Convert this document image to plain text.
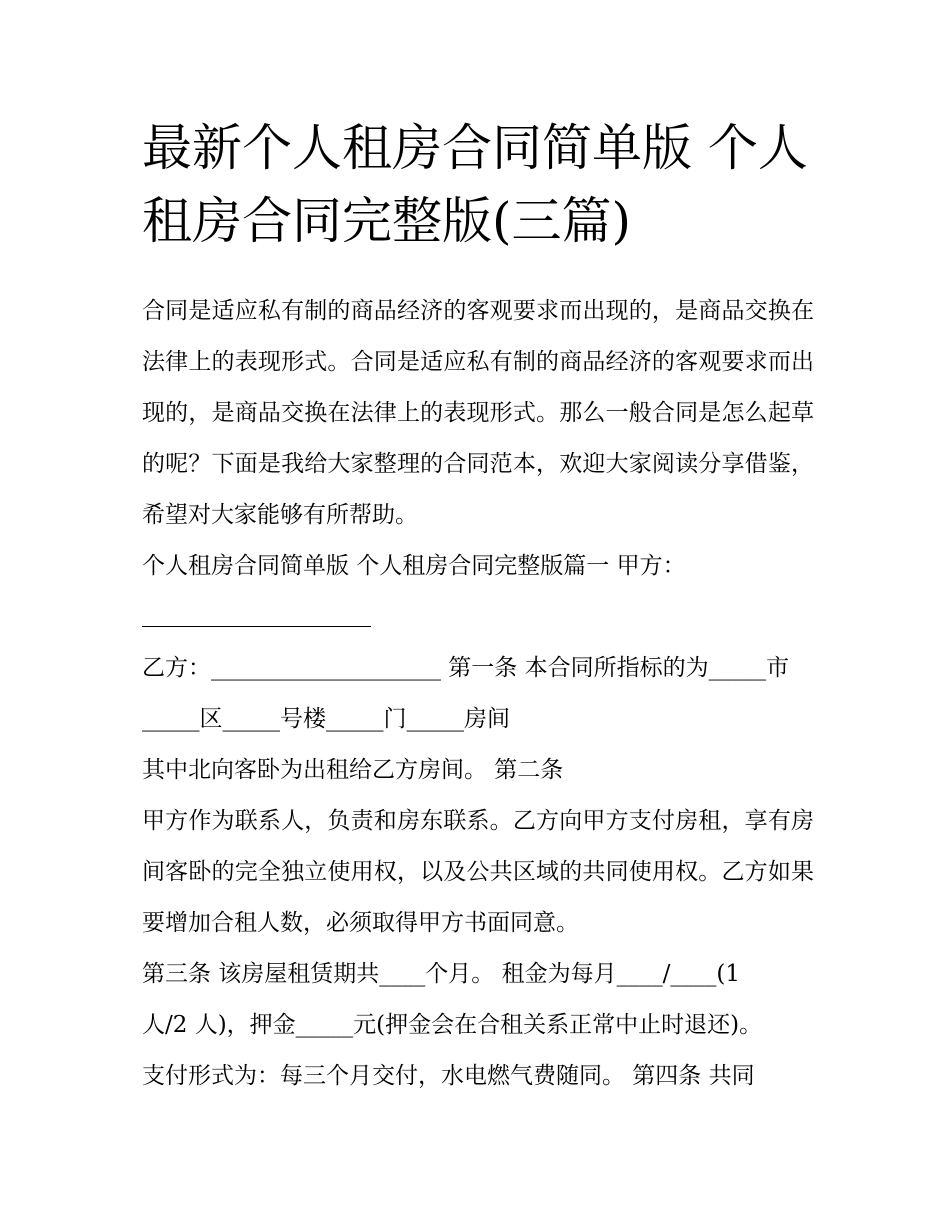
最新个人租房合同简单版 个人租房合同完整版(三篇)

合同是适应私有制的商品经济的客观要求而出现的，是商品交换在法律上的表现形式。合同是适应私有制的商品经济的客观要求而出现的，是商品交换在法律上的表现形式。那么一般合同是怎么起草的呢？下面是我给大家整理的合同范本，欢迎大家阅读分享借鉴，希望对大家能够有所帮助。

个人租房合同简单版 个人租房合同完整版篇一 甲方：

乙方：____________________ 第一条 本合同所指标的为_____市

_____区_____号楼_____门_____房间

其中北向客卧为出租给乙方房间。 第二条

甲方作为联系人，负责和房东联系。乙方向甲方支付房租，享有房间客卧的完全独立使用权，以及公共区域的共同使用权。乙方如果要增加合租人数，必须取得甲方书面同意。

第三条 该房屋租赁期共____个月。 租金为每月____/____(1

人/2 人)，押金_____元(押金会在合租关系正常中止时退还)。

支付形式为：每三个月交付，水电燃气费随同。 第四条 共同
